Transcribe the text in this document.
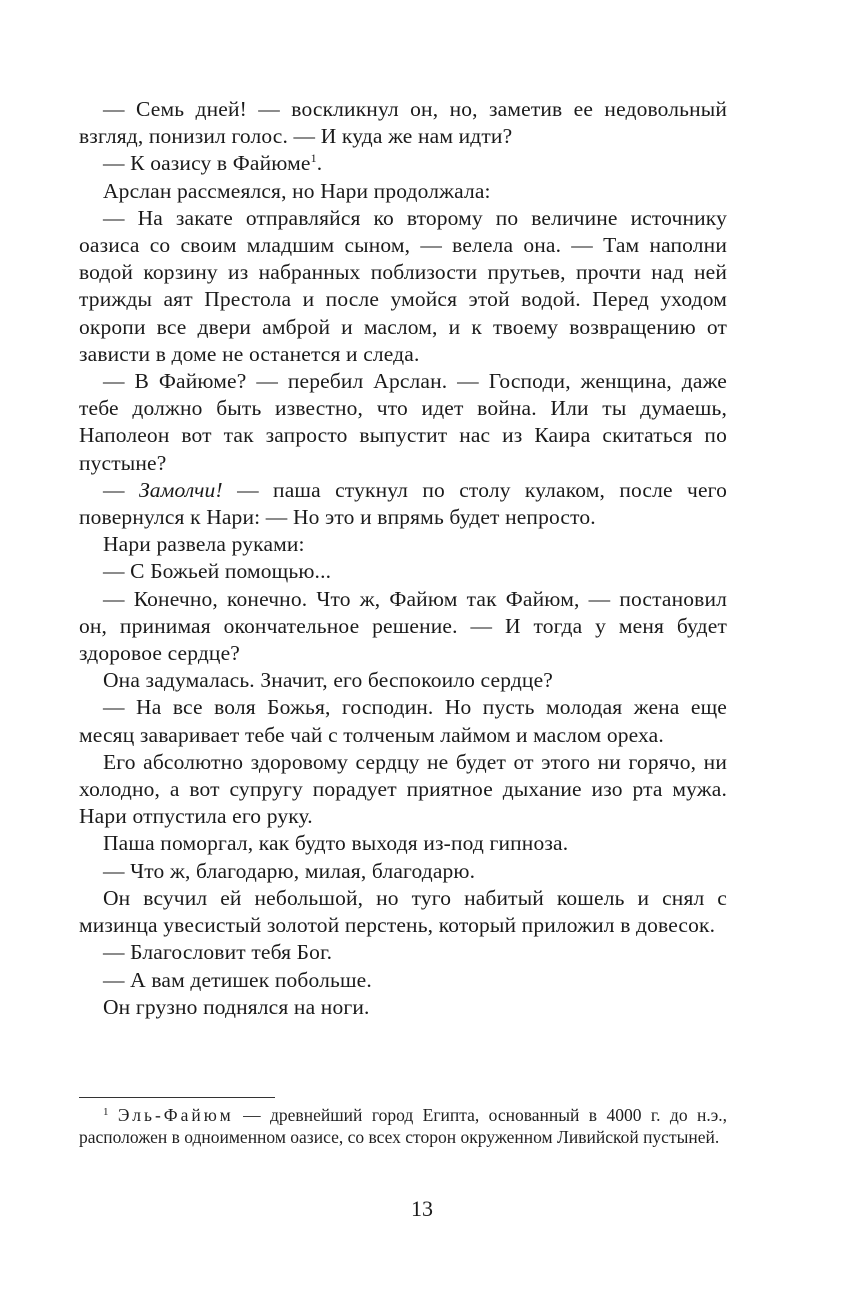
— Семь дней! — воскликнул он, но, заметив ее недовольный взгляд, понизил голос. — И куда же нам идти?

— К оазису в Файюме$^1$.

Арслан рассмеялся, но Нари продолжала:

— На закате отправляйся ко второму по величине источнику оазиса со своим младшим сыном, — велела она. — Там наполни водой корзину из набранных поблизости прутьев, прочти над ней трижды аят Престола и после умойся этой водой. Перед уходом окропи все двери амброй и маслом, и к твоему возвращению от зависти в доме не останется и следа.

— В Файюме? — перебил Арслан. — Господи, женщина, даже тебе должно быть известно, что идет война. Или ты думаешь, Наполеон вот так запросто выпустит нас из Каира скитаться по пустыне?

— Замолчи! — паша стукнул по столу кулаком, после чего повернулся к Нари: — Но это и впрямь будет непросто.

Нари развела руками:

— С Божьей помощью...

— Конечно, конечно. Что ж, Файюм так Файюм, — постановил он, принимая окончательное решение. — И тогда у меня будет здоровое сердце?

Она задумалась. Значит, его беспокоило сердце?

— На все воля Божья, господин. Но пусть молодая жена еще месяц заваривает тебе чай с толченым лаймом и маслом ореха.

Его абсолютно здоровому сердцу не будет от этого ни горячо, ни холодно, а вот супругу порадует приятное дыхание изо рта мужа. Нари отпустила его руку.

Паша поморгал, как будто выходя из-под гипноза.

— Что ж, благодарю, милая, благодарю.

Он всучил ей небольшой, но туго набитый кошель и снял с мизинца увесистый золотой перстень, который приложил в довесок.

— Благословит тебя Бог.

— А вам детишек побольше.

Он грузно поднялся на ноги.

$^1$ Эль-Файюм — древнейший город Египта, основанный в 4000 г. до н.э., расположен в одноименном оазисе, со всех сторон окруженном Ливийской пустыней.

13
